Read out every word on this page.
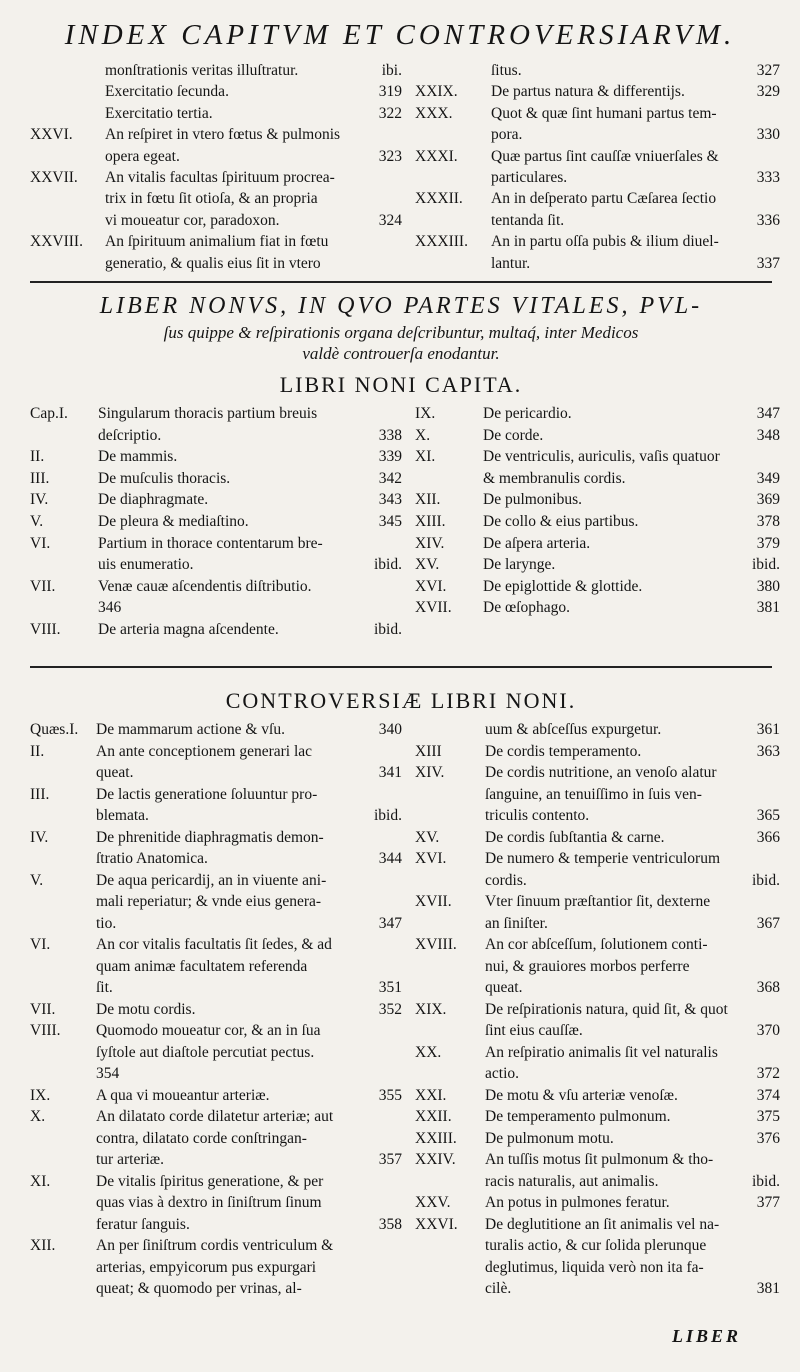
INDEX CAPITVM ET CONTROVERSIARVM.
monſtrationis veritas illuſtratur.	ibi.
Exercitatio ſecunda.	319
Exercitatio tertia.	322
XXVI.	An reſpiret in vtero fœtus & pulmonis
opera egeat.	323
XXVII.	An vitalis facultas ſpirituum procrea-
trix in fœtu ſit otioſa, & an propria
vi moueatur cor, paradoxon.	324
XXVIII.	An ſpirituum animalium fiat in fœtu
generatio, & qualis eius ſit in vtero
ſitus.	327
XXIX.	De partus natura & differentijs.	329
XXX.	Quot & quæ ſint humani partus tem-
pora.	330
XXXI.	Quæ partus ſint cauſſæ vniuerſales &
particulares.	333
XXXII.	An in deſperato partu Cæſarea ſectio
tentanda ſit.	336
XXXIII.	An in partu oſſa pubis & ilium diuel-
lantur.	337
LIBER NONVS, IN QVO PARTES VITALES, PVL-
ſus quippe & reſpirationis organa deſcribuntur, multaq́, inter Medicos
valdè controuerſa enodantur.
LIBRI NONI CAPITA.
Cap.I.	Singularum thoracis partium breuis
deſcriptio.	338
II.	De mammis.	339
III.	De muſculis thoracis.	342
IV.	De diaphragmate.	343
V.	De pleura & mediaſtino.	345
VI.	Partium in thorace contentarum bre-
uis enumeratio.	ibid.
VII.	Venæ cauæ aſcendentis diſtributio.
346
VIII.	De arteria magna aſcendente.	ibid.
IX.	De pericardio.	347
X.	De corde.	348
XI.	De ventriculis, auriculis, vaſis quatuor
& membranulis cordis.	349
XII.	De pulmonibus.	369
XIII.	De collo & eius partibus.	378
XIV.	De aſpera arteria.	379
XV.	De larynge.	ibid.
XVI.	De epiglottide & glottide.	380
XVII.	De œſophago.	381
CONTROVERSIÆ LIBRI NONI.
Quæs.I.	De mammarum actione & vſu.	340
II.	An ante conceptionem generari lac
queat.	341
III.	De lactis generatione ſoluuntur pro-
blemata.	ibid.
IV.	De phrenitide diaphragmatis demon-
ſtratio Anatomica.	344
V.	De aqua pericardij, an in viuente ani-
mali reperiatur; & vnde eius genera-
tio.	347
VI.	An cor vitalis facultatis ſit ſedes, & ad
quam animæ facultatem referenda
ſit.	351
VII.	De motu cordis.	352
VIII.	Quomodo moueatur cor, & an in ſua
ſyſtole aut diaſtole percutiat pectus.
354
IX.	A qua vi moueantur arteriæ.	355
X.	An dilatato corde dilatetur arteriæ; aut
contra, dilatato corde conſtringan-
tur arteriæ.	357
XI.	De vitalis ſpiritus generatione, & per
quas vias à dextro in ſiniſtrum ſinum
feratur ſanguis.	358
XII.	An per ſiniſtrum cordis ventriculum &
arterias, empyicorum pus expurgari
queat; & quomodo per vrinas, al-
uum & abſceſſus expurgetur.	361
XIII	De cordis temperamento.	363
XIV.	De cordis nutritione, an venoſo alatur
ſanguine, an tenuiſſimo in ſuis ven-
triculis contento.	365
XV.	De cordis ſubſtantia & carne.	366
XVI.	De numero & temperie ventriculorum
cordis.	ibid.
XVII.	Vter ſinuum præſtantior ſit, dexterne
an ſiniſter.	367
XVIII.	An cor abſceſſum, ſolutionem conti-
nui, & grauiores morbos perferre
queat.	368
XIX.	De reſpirationis natura, quid ſit, & quot
ſint eius cauſſæ.	370
XX.	An reſpiratio animalis ſit vel naturalis
actio.	372
XXI.	De motu & vſu arteriæ venoſæ.	374
XXII.	De temperamento pulmonum.	375
XXIII.	De pulmonum motu.	376
XXIV.	An tuſſis motus ſit pulmonum & tho-
racis naturalis, aut animalis.	ibid.
XXV.	An potus in pulmones feratur.	377
XXVI.	De deglutitione an ſit animalis vel na-
turalis actio, & cur ſolida plerunque
deglutimus, liquida verò non ita fa-
cilè.	381
LIBER
